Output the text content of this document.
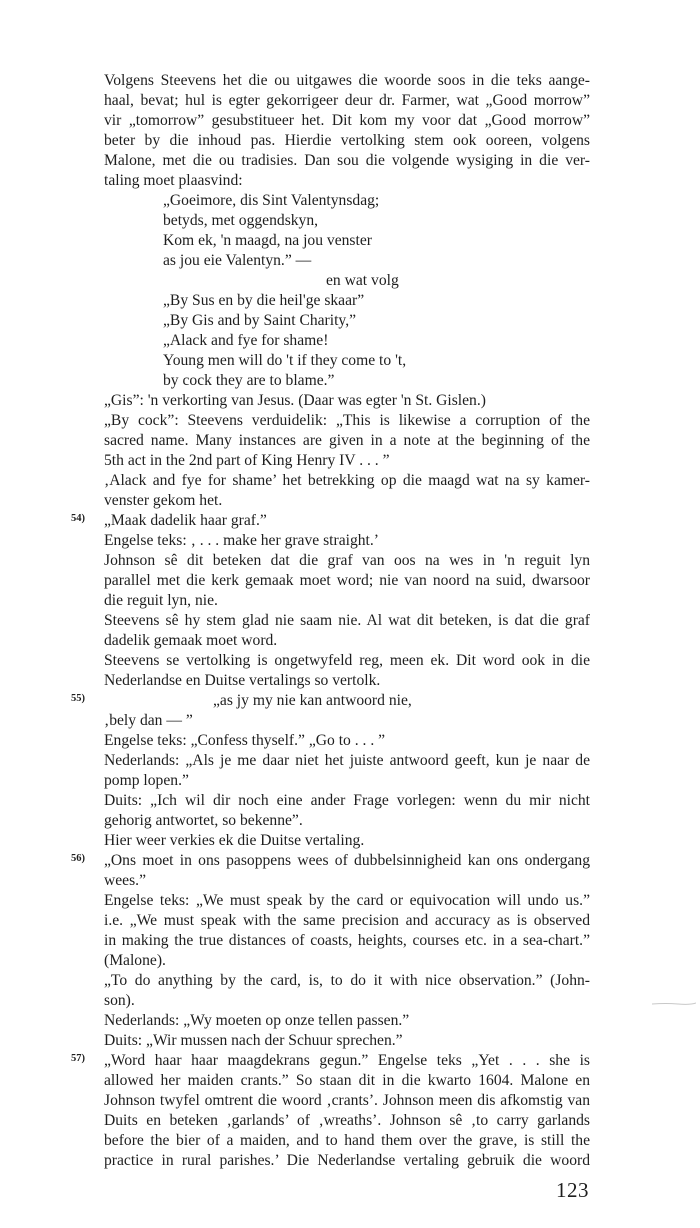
Volgens Steevens het die ou uitgawes die woorde soos in die teks aange-
haal, bevat; hul is egter gekorrigeer deur dr. Farmer, wat „Good morrow”
vir „tomorrow” gesubstitueer het. Dit kom my voor dat „Good morrow”
beter by die inhoud pas. Hierdie vertolking stem ook ooreen, volgens
Malone, met die ou tradisies. Dan sou die volgende wysiging in die ver-
taling moet plaasvind:
„Goeimore, dis Sint Valentynsdag;
betyds, met oggendskyn,
Kom ek, 'n maagd, na jou venster
as jou eie Valentyn.” —
en wat volg
„By Sus en by die heil'ge skaar”
„By Gis and by Saint Charity,”
„Alack and fye for shame!
Young men will do 't if they come to 't,
by cock they are to blame.”
„Gis”: 'n verkorting van Jesus. (Daar was egter 'n St. Gislen.)
„By cock”: Steevens verduidelik: „This is likewise a corruption of the
sacred name. Many instances are given in a note at the beginning of the
5th act in the 2nd part of King Henry IV . . . ”
‚Alack and fye for shame’ het betrekking op die maagd wat na sy kamer-
venster gekom het.
54) „Maak dadelik haar graf.”
Engelse teks: ‚ . . . make her grave straight.’
Johnson sê dit beteken dat die graf van oos na wes in 'n reguit lyn
parallel met die kerk gemaak moet word; nie van noord na suid, dwarsoor
die reguit lyn, nie.
Steevens sê hy stem glad nie saam nie. Al wat dit beteken, is dat die graf
dadelik gemaak moet word.
Steevens se vertolking is ongetwyfeld reg, meen ek. Dit word ook in die
Nederlandse en Duitse vertalings so vertolk.
55)	„as jy my nie kan antwoord nie,
‚bely dan — ”
Engelse teks: „Confess thyself.” „Go to . . . ”
Nederlands: „Als je me daar niet het juiste antwoord geeft, kun je naar de
pomp lopen.”
Duits: „Ich wil dir noch eine ander Frage vorlegen: wenn du mir nicht
gehorig antwortet, so bekenne”.
Hier weer verkies ek die Duitse vertaling.
56) „Ons moet in ons pasoppens wees of dubbelsinnigheid kan ons ondergang
wees.”
Engelse teks: „We must speak by the card or equivocation will undo us.”
i.e. „We must speak with the same precision and accuracy as is observed
in making the true distances of coasts, heights, courses etc. in a sea-chart.”
(Malone).
„To do anything by the card, is, to do it with nice observation.” (John-
son).
Nederlands: „Wy moeten op onze tellen passen.”
Duits: „Wir mussen nach der Schuur sprechen.”
57) „Word haar haar maagdekrans gegun.” Engelse teks „Yet . . . she is
allowed her maiden crants.” So staan dit in die kwarto 1604. Malone en
Johnson twyfel omtrent die woord ‚crants’. Johnson meen dis afkomstig van
Duits en beteken ‚garlands’ of ‚wreaths’. Johnson sê ‚to carry garlands
before the bier of a maiden, and to hand them over the grave, is still the
practice in rural parishes.’ Die Nederlandse vertaling gebruik die woord
123
